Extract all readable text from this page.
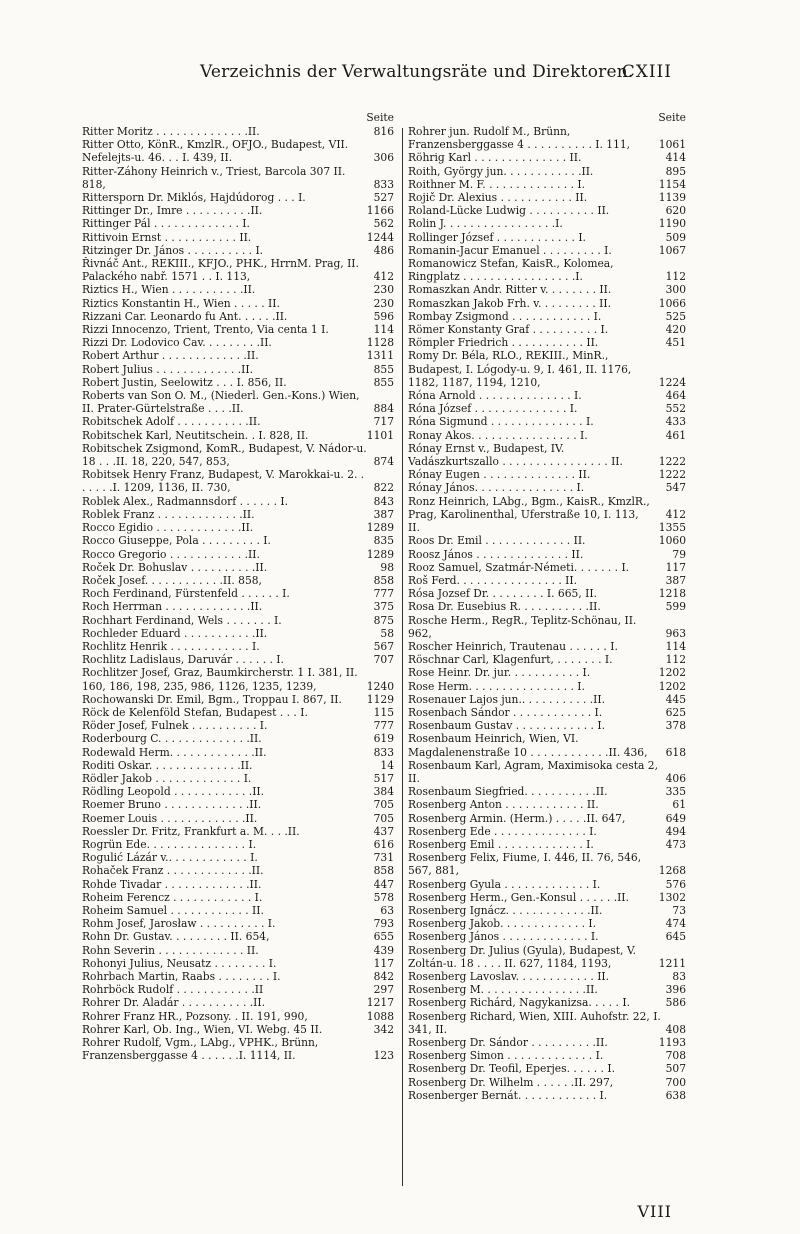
Verzeichnis der Verwaltungsräte und Direktoren.
CXIII
Seite
Ritter Moritz . . . . . . . . . . . . . .II.	816
Ritter Otto, KönR., KmzlR., OFJO., Budapest, VII. Nefelejts-u. 46. . . I. 439, II.	306
Ritter-Záhony Heinrich v., Triest, Barcola 307 II. 818,	833
Rittersporn Dr. Miklós, Hajdúdorog . . . I.	527
Rittinger Dr., Imre . . . . . . . . . .II.	1166
Rittinger Pál . . . . . . . . . . . . . I.	562
Rittivoin Ernst . . . . . . . . . . . II.	1244
Ritzinger Dr. János . . . . . . . . . . I.	486
Řivnáč Ant., REKIII., KFJO., PHK., HrrnM. Prag, II. Palackého nabř. 1571 . . I. 113,	412
Riztics H., Wien . . . . . . . . . . .II.	230
Riztics Konstantin H., Wien . . . . . II.	230
Rizzani Car. Leonardo fu Ant. . . . . .II.	596
Rizzi Innocenzo, Trient, Trento, Via centa 1 I.	114
Rizzi Dr. Lodovico Cav. . . . . . . . .II.	1128
Robert Arthur . . . . . . . . . . . . .II.	1311
Robert Julius . . . . . . . . . . . . .II.	855
Robert Justin, Seelowitz . . . I. 856, II.	855
Roberts van Son O. M., (Niederl. Gen.-Kons.) Wien, II. Prater-Gürtelstraße . . . .II.	884
Robitschek Adolf . . . . . . . . . . .II.	717
Robitschek Karl, Neutitschein. . I. 828, II.	1101
Robitschek Zsigmond, KomR., Budapest, V. Nádor-u. 18 . . .II. 18, 220, 547, 853,	874
Robitsek Henry Franz, Budapest, V. Marokkai-u. 2. . . . . . .I. 1209, 1136, II. 730,	822
Roblek Alex., Radmannsdorf . . . . . . I.	843
Roblek Franz . . . . . . . . . . . . .II.	387
Rocco Egidio . . . . . . . . . . . . .II.	1289
Rocco Giuseppe, Pola . . . . . . . . . I.	835
Rocco Gregorio . . . . . . . . . . . .II.	1289
Roček Dr. Bohuslav . . . . . . . . . .II.	98
Roček Josef. . . . . . . . . . . .II. 858,	858
Roch Ferdinand, Fürstenfeld . . . . . . I.	777
Roch Herrman . . . . . . . . . . . . .II.	375
Rochhart Ferdinand, Wels . . . . . . . I.	875
Rochleder Eduard . . . . . . . . . . .II.	58
Rochlitz Henrik . . . . . . . . . . . . I.	567
Rochlitz Ladislaus, Daruvár . . . . . . I.	707
Rochlitzer Josef, Graz, Baumkircherstr. 1 I. 381, II. 160, 186, 198, 235, 986, 1126, 1235, 1239,	1240
Rochowanski Dr. Emil, Bgm., Troppau I. 867, II.	1129
Röck de Kelenföld Stefan, Budapest . . . I.	115
Röder Josef, Fulnek . . . . . . . . . . I.	777
Roderbourg C. . . . . . . . . . . . . .II.	619
Rodewald Herm. . . . . . . . . . . . .II.	833
Roditi Oskar. . . . . . . . . . . . . .II.	14
Rödler Jakob . . . . . . . . . . . . . I.	517
Rödling Leopold . . . . . . . . . . . .II.	384
Roemer Bruno . . . . . . . . . . . . .II.	705
Roemer Louis . . . . . . . . . . . . .II.	705
Roessler Dr. Fritz, Frankfurt a. M. . . .II.	437
Rogrün Ede. . . . . . . . . . . . . . . I.	616
Rogulić Lázár v.. . . . . . . . . . . . I.	731
Rohaček Franz . . . . . . . . . . . . .II.	858
Rohde Tivadar . . . . . . . . . . . . .II.	447
Roheim Ferencz . . . . . . . . . . . . I.	578
Roheim Samuel . . . . . . . . . . . . II.	63
Rohm Josef, Jarosław . . . . . . . . . . I.	793
Rohn Dr. Gustav. . . . . . . . . II. 654,	655
Rohn Severin . . . . . . . . . . . . . II.	439
Rohonyi Julius, Neusatz . . . . . . . . I.	117
Rohrbach Martin, Raabs . . . . . . . . I.	842
Rohrböck Rudolf . . . . . . . . . . . .II	297
Rohrer Dr. Aladár . . . . . . . . . . .II.	1217
Rohrer Franz HR., Pozsony. . II. 191, 990,	1088
Rohrer Karl, Ob. Ing., Wien, VI. Webg. 45 II.	342
Rohrer Rudolf, Vgm., LAbg., VPHK., Brünn, Franzensberggasse 4 . . . . . .I. 1114, II.	123
Seite
Rohrer jun. Rudolf M., Brünn, Franzensberggasse 4 . . . . . . . . . . I. 111,	1061
Röhrig Karl . . . . . . . . . . . . . . II.	414
Roith, György jun. . . . . . . . . . . .II.	895
Roithner M. F. . . . . . . . . . . . . . I.	1154
Rojič Dr. Alexius . . . . . . . . . . . II.	1139
Roland-Lücke Ludwig . . . . . . . . . . II.	620
Rolin J. . . . . . . . . . . . . . . . .I.	1190
Rollinger József . . . . . . . . . . . . I.	509
Romanin-Jacur Emanuel . . . . . . . . . I.	1067
Romanowicz Stefan, KaisR., Kolomea, Ringplatz . . . . . . . . . . . . . . . . .I.	112
Romaszkan Andr. Ritter v. . . . . . . . II.	300
Romaszkan Jakob Frh. v. . . . . . . . . II.	1066
Rombay Zsigmond . . . . . . . . . . . . I.	525
Römer Konstanty Graf . . . . . . . . . . I.	420
Römpler Friedrich . . . . . . . . . . . II.	451
Romy Dr. Béla, RLO., REKIII., MinR., Budapest, I. Lógody-u. 9, I. 461, II. 1176, 1182, 1187, 1194, 1210,	1224
Róna Arnold . . . . . . . . . . . . . . I.	464
Róna József . . . . . . . . . . . . . . I.	552
Róna Sigmund . . . . . . . . . . . . . . I.	433
Ronay Akos. . . . . . . . . . . . . . . . I.	461
Rónay Ernst v., Budapest, IV. Vadászkurtszallo . . . . . . . . . . . . . . . . II.	1222
Rónay Eugen . . . . . . . . . . . . . . II.	1222
Rónay János. . . . . . . . . . . . . . . I.	547
Ronz Heinrich, LAbg., Bgm., KaisR., KmzlR., Prag, Karolinenthal, Uferstraße 10, I. 113,	412
II.	1355
Roos Dr. Emil . . . . . . . . . . . . . II.	1060
Roosz János . . . . . . . . . . . . . . II.	79
Rooz Samuel, Szatmár-Németi. . . . . . . I.	117
Roš Ferd. . . . . . . . . . . . . . . . II.	387
Rósa Jozsef Dr. . . . . . . . . I. 665, II.	1218
Rosa Dr. Eusebius R. . . . . . . . . . .II.	599
Rosche Herm., RegR., Teplitz-Schönau, II. 962,	963
Roscher Heinrich, Trautenau . . . . . . I.	114
Röschnar Carl, Klagenfurt, . . . . . . . I.	112
Rose Heinr. Dr. jur. . . . . . . . . . . I.	1202
Rose Herm. . . . . . . . . . . . . . . . I.	1202
Rosenauer Lajos jun.. . . . . . . . . . .II.	445
Rosenbach Sándor . . . . . . . . . . . . I.	625
Rosenbaum Gustav . . . . . . . . . . . . I.	378
Rosenbaum Heinrich, Wien, VI. Magdalenenstraße 10 . . . . . . . . . . . .II. 436,	618
Rosenbaum Karl, Agram, Maximisoka cesta 2, II.	406
Rosenbaum Siegfried. . . . . . . . . . .II.	335
Rosenberg Anton . . . . . . . . . . . . II.	61
Rosenberg Armin. (Herm.) . . . . .II. 647,	649
Rosenberg Ede . . . . . . . . . . . . . . I.	494
Rosenberg Emil . . . . . . . . . . . . . I.	473
Rosenberg Felix, Fiume, I. 446, II. 76, 546, 567, 881,	1268
Rosenberg Gyula . . . . . . . . . . . . . I.	576
Rosenberg Herm., Gen.-Konsul . . . . . .II.	1302
Rosenberg Ignácz. . . . . . . . . . . . .II.	73
Rosenberg Jakob. . . . . . . . . . . . . I.	474
Rosenberg János . . . . . . . . . . . . . I.	645
Rosenberg Dr. Julius (Gyula), Budapest, V. Zoltán-u. 18 . . . . II. 627, 1184, 1193,	1211
Rosenberg Lavoslav. . . . . . . . . . . . II.	83
Rosenberg M. . . . . . . . . . . . . . . .II.	396
Rosenberg Richárd, Nagykanizsa. . . . . I.	586
Rosenberg Richard, Wien, XIII. Auhofstr. 22, I. 341, II.	408
Rosenberg Dr. Sándor . . . . . . . . . .II.	1193
Rosenberg Simon . . . . . . . . . . . . . I.	708
Rosenberg Dr. Teofil, Eperjes. . . . . . I.	507
Rosenberg Dr. Wilhelm . . . . . .II. 297,	700
Rosenberger Bernát. . . . . . . . . . . . I.	638
VIII
